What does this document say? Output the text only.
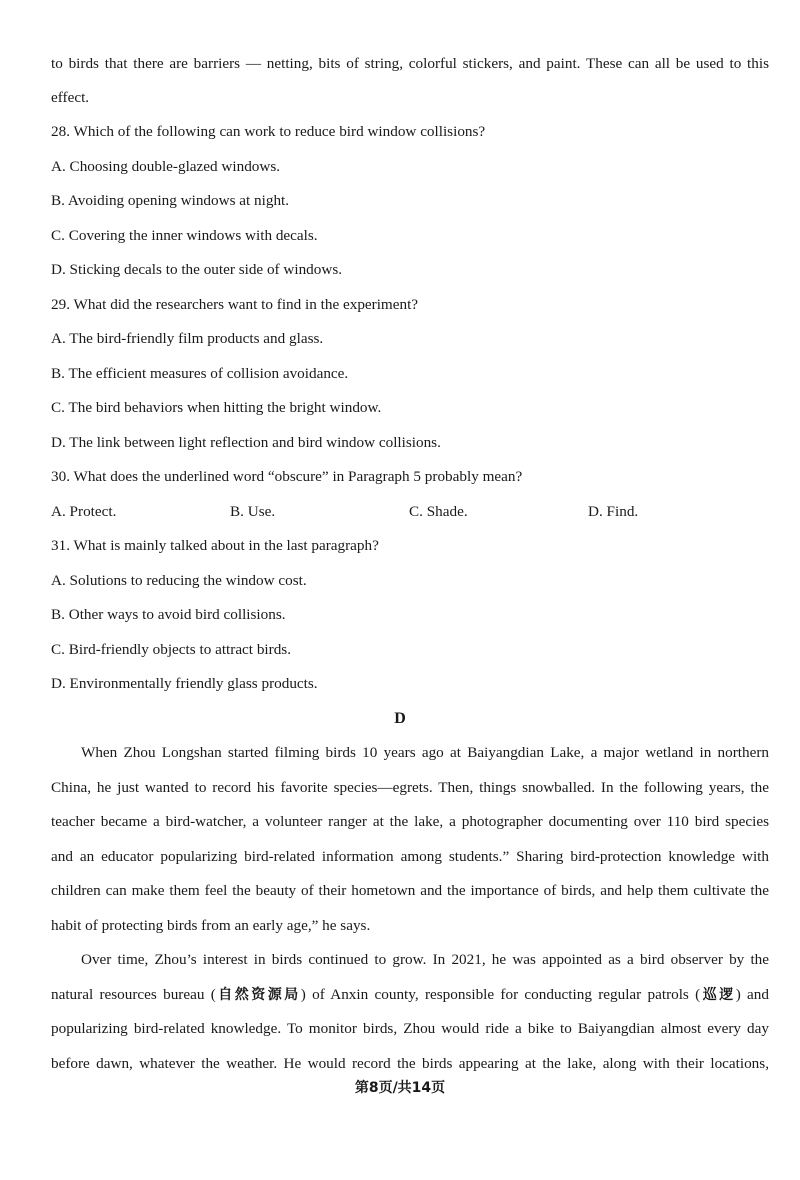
to birds that there are barriers — netting, bits of string, colorful stickers, and paint. These can all be used to this
effect.
28. Which of the following can work to reduce bird window collisions?
A. Choosing double-glazed windows.
B. Avoiding opening windows at night.
C. Covering the inner windows with decals.
D. Sticking decals to the outer side of windows.
29. What did the researchers want to find in the experiment?
A. The bird-friendly film products and glass.
B. The efficient measures of collision avoidance.
C. The bird behaviors when hitting the bright window.
D. The link between light reflection and bird window collisions.
30. What does the underlined word “obscure” in Paragraph 5 probably mean?
A. Protect.	B. Use.	C. Shade.	D. Find.
31. What is mainly talked about in the last paragraph?
A. Solutions to reducing the window cost.
B. Other ways to avoid bird collisions.
C. Bird-friendly objects to attract birds.
D. Environmentally friendly glass products.
D
When Zhou Longshan started filming birds 10 years ago at Baiyangdian Lake, a major wetland in northern
China, he just wanted to record his favorite species—egrets. Then, things snowballed. In the following years, the
teacher became a bird-watcher, a volunteer ranger at the lake, a photographer documenting over 110 bird species
and an educator popularizing bird-related information among students.” Sharing bird-protection knowledge with
children can make them feel the beauty of their hometown and the importance of birds, and help them cultivate the
habit of protecting birds from an early age,” he says.
Over time, Zhou’s interest in birds continued to grow. In 2021, he was appointed as a bird observer by the
natural resources bureau (自然资源局) of Anxin county, responsible for conducting regular patrols (巡逻) and
popularizing bird-related knowledge. To monitor birds, Zhou would ride a bike to Baiyangdian almost every day
before dawn, whatever the weather. He would record the birds appearing at the lake, along with their locations,
第8页/共14页
